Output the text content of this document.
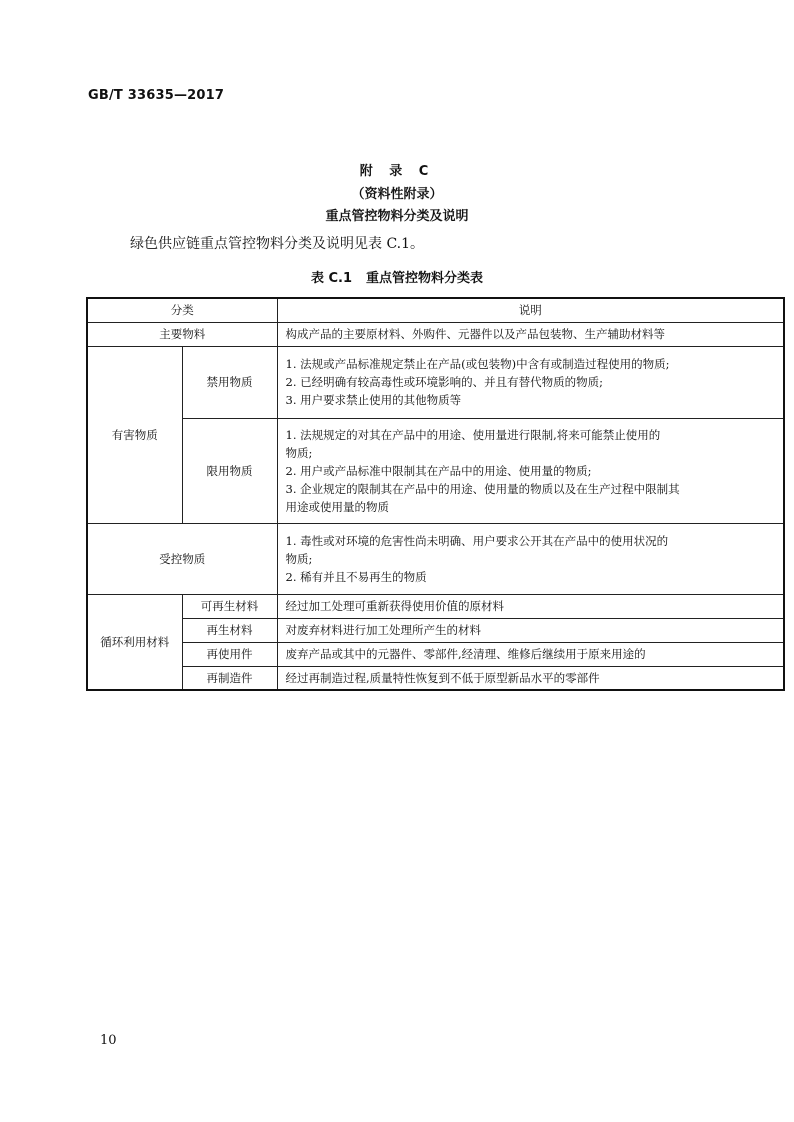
GB/T 33635—2017
附 录 C
（资料性附录）
重点管控物料分类及说明
绿色供应链重点管控物料分类及说明见表 C.1。
表 C.1 重点管控物料分类表
分类		说明
主要物料		构成产品的主要原材料、外购件、元器件以及产品包装物、生产辅助材料等
有害物质	禁用物质	1. 法规或产品标准规定禁止在产品(或包装物)中含有或制造过程使用的物质;
2. 已经明确有较高毒性或环境影响的、并且有替代物质的物质;
3. 用户要求禁止使用的其他物质等

	限用物质	1. 法规规定的对其在产品中的用途、使用量进行限制,将来可能禁止使用的
物质;
2. 用户或产品标准中限制其在产品中的用途、使用量的物质;
3. 企业规定的限制其在产品中的用途、使用量的物质以及在生产过程中限制其
用途或使用量的物质

受控物质		1. 毒性或对环境的危害性尚未明确、用户要求公开其在产品中的使用状况的
物质;
2. 稀有并且不易再生的物质

循环利用材料	可再生材料	经过加工处理可重新获得使用价值的原材料
	再生材料	对废弃材料进行加工处理所产生的材料
	再使用件	废弃产品或其中的元器件、零部件,经清理、维修后继续用于原来用途的
	再制造件	经过再制造过程,质量特性恢复到不低于原型新品水平的零部件
10
